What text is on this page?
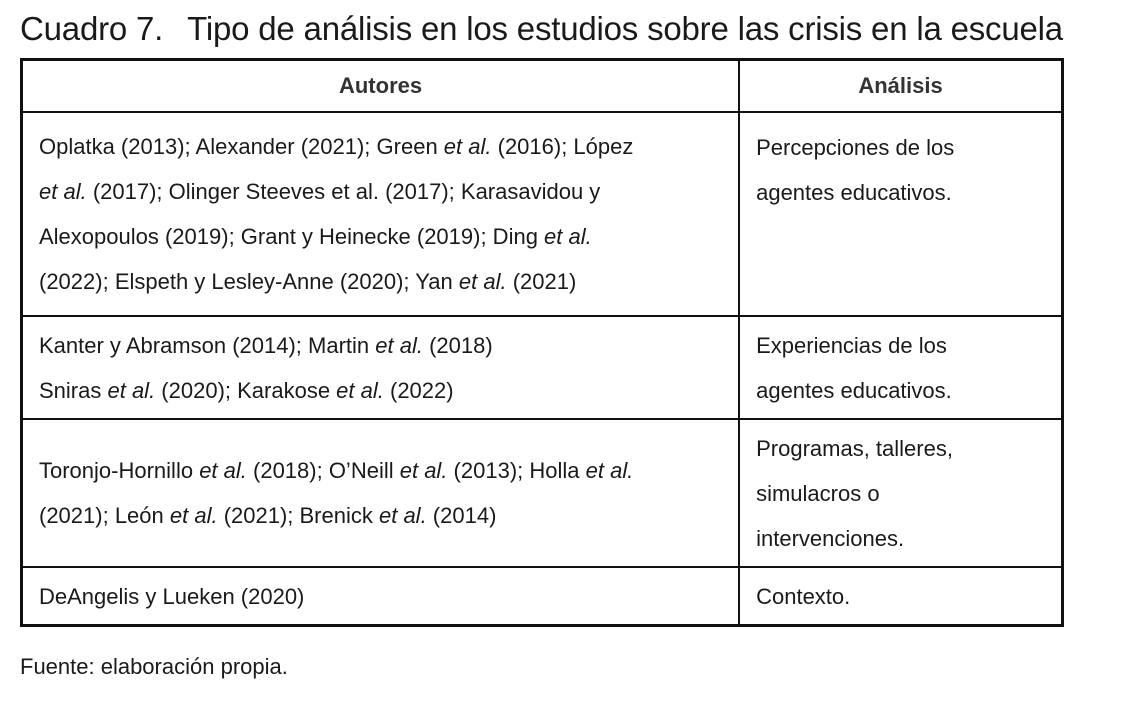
Cuadro 7. Tipo de análisis en los estudios sobre las crisis en la escuela
Autores	Análisis

Oplatka (2013); Alexander (2021); Green et al. (2016); López
et al. (2017); Olinger Steeves et al. (2017); Karasavidou y
Alexopoulos (2019); Grant y Heinecke (2019); Ding et al.
(2022); Elspeth y Lesley-Anne (2020); Yan et al. (2021)	Percepciones de los
agentes educativos.

Kanter y Abramson (2014); Martin et al. (2018)
Sniras et al. (2020); Karakose et al. (2022)	Experiencias de los
agentes educativos.

Toronjo-Hornillo et al. (2018); O’Neill et al. (2013); Holla et al.
(2021); León et al. (2021); Brenick et al. (2014)	Programas, talleres,
simulacros o
intervenciones.

DeAngelis y Lueken (2020)	Contexto.
Fuente: elaboración propia.
